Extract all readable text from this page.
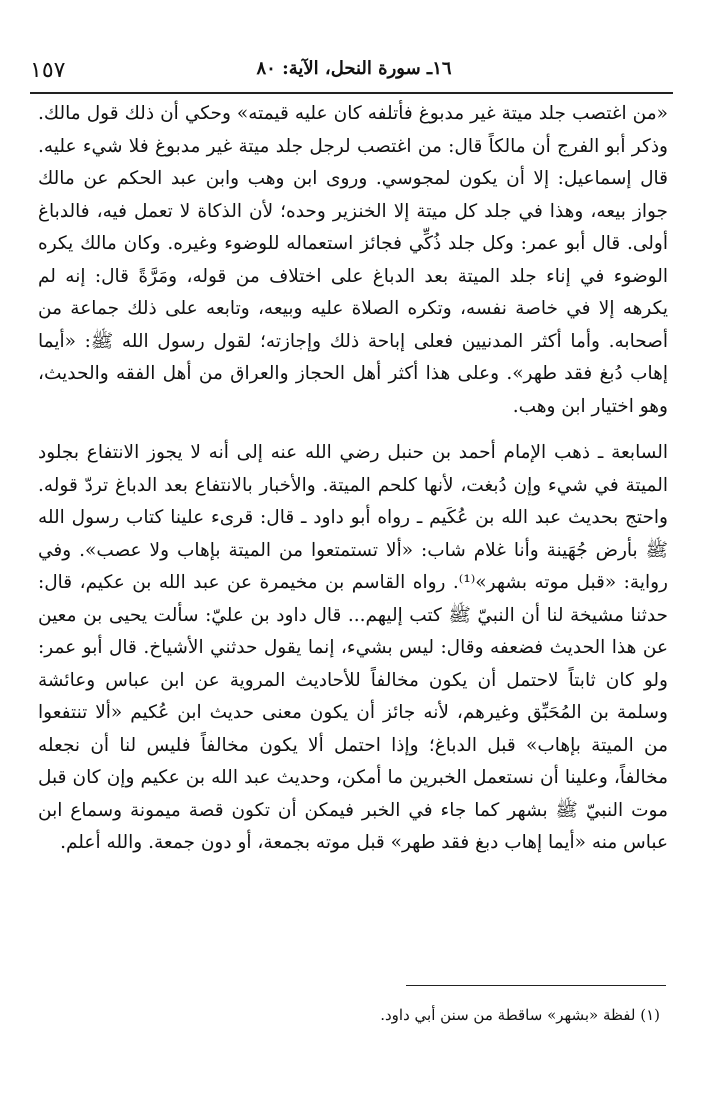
١٥٧	١٦ـ سورة النحل، الآية: ٨٠

«من اغتصب جلد ميتة غير مدبوغ فأتلفه كان عليه قيمته» وحكي أن ذلك قول مالك. وذكر أبو الفرج أن مالكاً قال: من اغتصب لرجل جلد ميتة غير مدبوغ فلا شيء عليه. قال إسماعيل: إلا أن يكون لمجوسي. وروى ابن وهب وابن عبد الحكم عن مالك جواز بيعه، وهذا في جلد كل ميتة إلا الخنزير وحده؛ لأن الذكاة لا تعمل فيه، فالدباغ أولى. قال أبو عمر: وكل جلد ذُكِّي فجائز استعماله للوضوء وغيره. وكان مالك يكره الوضوء في إناء جلد الميتة بعد الدباغ على اختلاف من قوله، ومَرَّةً قال: إنه لم يكرهه إلا في خاصة نفسه، وتكره الصلاة عليه وبيعه، وتابعه على ذلك جماعة من أصحابه. وأما أكثر المدنيين فعلى إباحة ذلك وإجازته؛ لقول رسول الله ﷺ: «أيما إهاب دُبغ فقد طهر». وعلى هذا أكثر أهل الحجاز والعراق من أهل الفقه والحديث، وهو اختيار ابن وهب.

السابعة ـ ذهب الإمام أحمد بن حنبل رضي الله عنه إلى أنه لا يجوز الانتفاع بجلود الميتة في شيء وإن دُبغت، لأنها كلحم الميتة. والأخبار بالانتفاع بعد الدباغ تردّ قوله. واحتج بحديث عبد الله بن عُكَيم ـ رواه أبو داود ـ قال: قرىء علينا كتاب رسول الله ﷺ بأرض جُهَينة وأنا غلام شاب: «ألا تستمتعوا من الميتة بإهاب ولا عصب». وفي رواية: «قبل موته بشهر»⁽¹⁾. رواه القاسم بن مخيمرة عن عبد الله بن عكيم، قال: حدثنا مشيخة لنا أن النبيّ ﷺ كتب إليهم... قال داود بن عليّ: سألت يحيى بن معين عن هذا الحديث فضعفه وقال: ليس بشيء، إنما يقول حدثني الأشياخ. قال أبو عمر: ولو كان ثابتاً لاحتمل أن يكون مخالفاً للأحاديث المروية عن ابن عباس وعائشة وسلمة بن المُحَبِّق وغيرهم، لأنه جائز أن يكون معنى حديث ابن عُكيم «ألا تنتفعوا من الميتة بإهاب» قبل الدباغ؛ وإذا احتمل ألا يكون مخالفاً فليس لنا أن نجعله مخالفاً، وعلينا أن نستعمل الخبرين ما أمكن، وحديث عبد الله بن عكيم وإن كان قبل موت النبيّ ﷺ بشهر كما جاء في الخبر فيمكن أن تكون قصة ميمونة وسماع ابن عباس منه «أيما إهاب دبغ فقد طهر» قبل موته بجمعة، أو دون جمعة. والله أعلم.

(١) لفظة «بشهر» ساقطة من سنن أبي داود.
